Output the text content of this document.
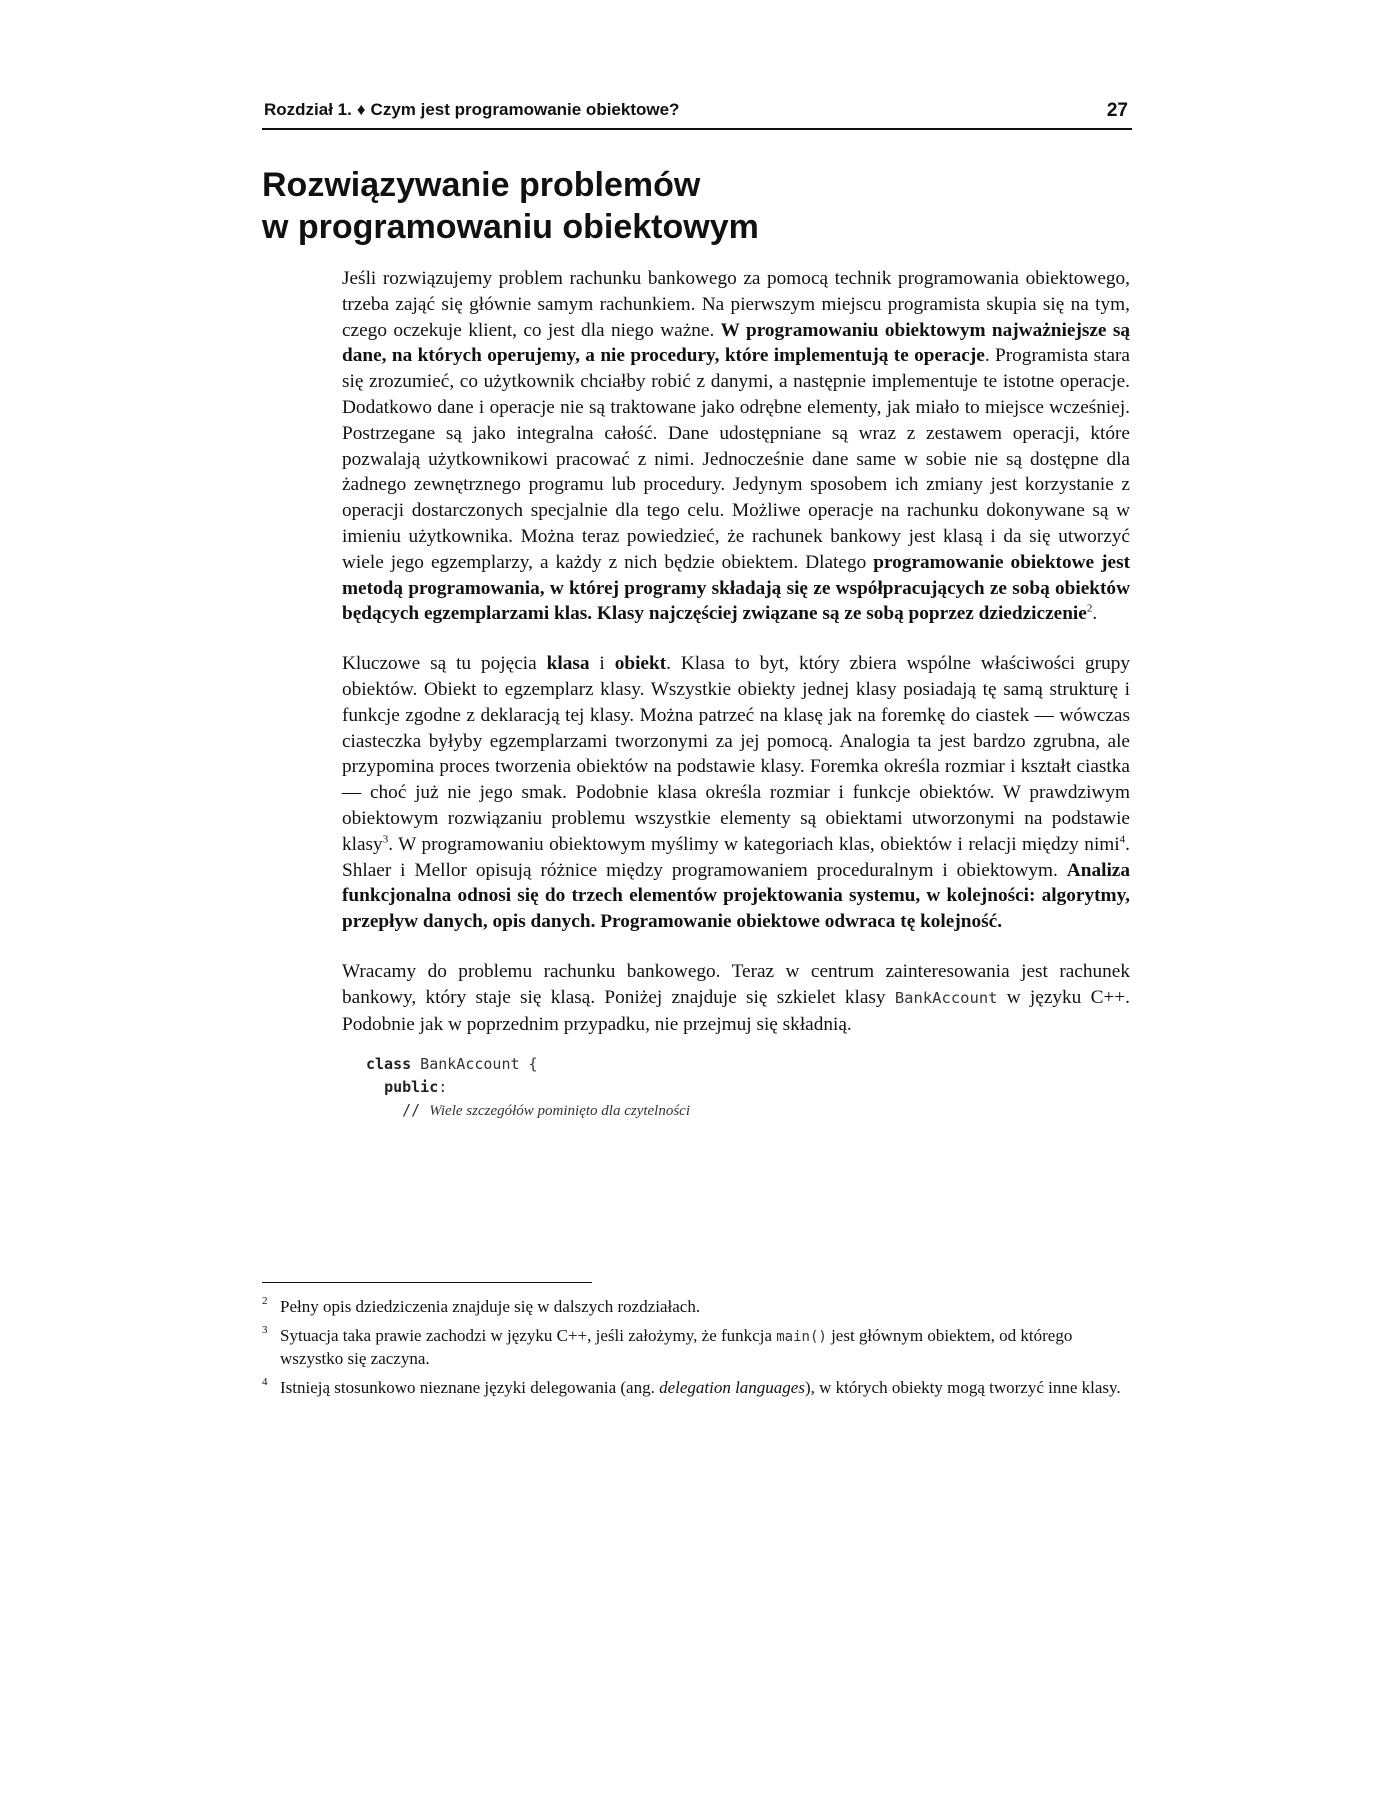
Rozdział 1. ♦ Czym jest programowanie obiektowe?	27
Rozwiązywanie problemów
w programowaniu obiektowym

Jeśli rozwiązujemy problem rachunku bankowego za pomocą technik programowania obiektowego, trzeba zająć się głównie samym rachunkiem. Na pierwszym miejscu programista skupia się na tym, czego oczekuje klient, co jest dla niego ważne. W programowaniu obiektowym najważniejsze są dane, na których operujemy, a nie procedury, które implementują te operacje. Programista stara się zrozumieć, co użytkownik chciałby robić z danymi, a następnie implementuje te istotne operacje. Dodatkowo dane i operacje nie są traktowane jako odrębne elementy, jak miało to miejsce wcześniej. Postrzegane są jako integralna całość. Dane udostępniane są wraz z zestawem operacji, które pozwalają użytkownikowi pracować z nimi. Jednocześnie dane same w sobie nie są dostępne dla żadnego zewnętrznego programu lub procedury. Jedynym sposobem ich zmiany jest korzystanie z operacji dostarczonych specjalnie dla tego celu. Możliwe operacje na rachunku dokonywane są w imieniu użytkownika. Można teraz powiedzieć, że rachunek bankowy jest klasą i da się utworzyć wiele jego egzemplarzy, a każdy z nich będzie obiektem. Dlatego programowanie obiektowe jest metodą programowania, w której programy składają się ze współpracujących ze sobą obiektów będących egzemplarzami klas. Klasy najczęściej związane są ze sobą poprzez dziedziczenie$^2$.

Kluczowe są tu pojęcia klasa i obiekt. Klasa to byt, który zbiera wspólne właściwości grupy obiektów. Obiekt to egzemplarz klasy. Wszystkie obiekty jednej klasy posiadają tę samą strukturę i funkcje zgodne z deklaracją tej klasy. Można patrzeć na klasę jak na foremkę do ciastek — wówczas ciasteczka byłyby egzemplarzami tworzonymi za jej pomocą. Analogia ta jest bardzo zgrubna, ale przypomina proces tworzenia obiektów na podstawie klasy. Foremka określa rozmiar i kształt ciastka — choć już nie jego smak. Podobnie klasa określa rozmiar i funkcje obiektów. W prawdziwym obiektowym rozwiązaniu problemu wszystkie elementy są obiektami utworzonymi na podstawie klasy$^3$. W programowaniu obiektowym myślimy w kategoriach klas, obiektów i relacji między nimi$^4$. Shlaer i Mellor opisują różnice między programowaniem proceduralnym i obiektowym. Analiza funkcjonalna odnosi się do trzech elementów projektowania systemu, w kolejności: algorytmy, przepływ danych, opis danych. Programowanie obiektowe odwraca tę kolejność.

Wracamy do problemu rachunku bankowego. Teraz w centrum zainteresowania jest rachunek bankowy, który staje się klasą. Poniżej znajduje się szkielet klasy BankAccount w języku C++. Podobnie jak w poprzednim przypadku, nie przejmuj się składnią.

class BankAccount {
public:
// Wiele szczegółów pominięto dla czytelności
2 Pełny opis dziedziczenia znajduje się w dalszych rozdziałach.
3 Sytuacja taka prawie zachodzi w języku C++, jeśli założymy, że funkcja main() jest głównym obiektem, od którego wszystko się zaczyna.
4 Istnieją stosunkowo nieznane języki delegowania (ang. delegation languages), w których obiekty mogą tworzyć inne klasy.
